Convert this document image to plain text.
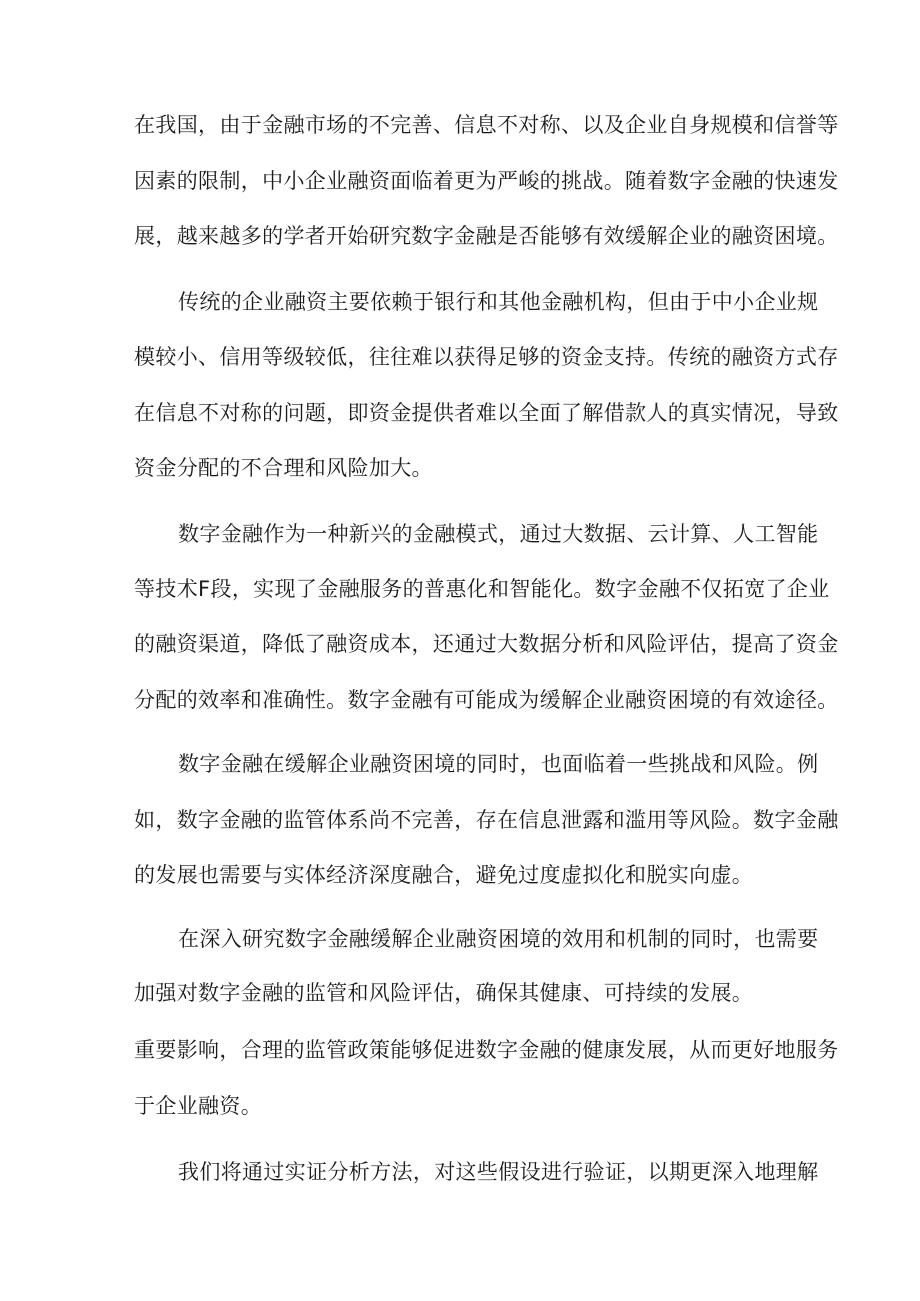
在我国，由于金融市场的不完善、信息不对称、以及企业自身规模和信誉等
因素的限制，中小企业融资面临着更为严峻的挑战。随着数字金融的快速发
展，越来越多的学者开始研究数字金融是否能够有效缓解企业的融资困境。
传统的企业融资主要依赖于银行和其他金融机构，但由于中小企业规
模较小、信用等级较低，往往难以获得足够的资金支持。传统的融资方式存
在信息不对称的问题，即资金提供者难以全面了解借款人的真实情况，导致
资金分配的不合理和风险加大。
数字金融作为一种新兴的金融模式，通过大数据、云计算、人工智能
等技术F段，实现了金融服务的普惠化和智能化。数字金融不仅拓宽了企业
的融资渠道，降低了融资成本，还通过大数据分析和风险评估，提高了资金
分配的效率和准确性。数字金融有可能成为缓解企业融资困境的有效途径。
数字金融在缓解企业融资困境的同时，也面临着一些挑战和风险。例
如，数字金融的监管体系尚不完善，存在信息泄露和滥用等风险。数字金融
的发展也需要与实体经济深度融合，避免过度虚拟化和脱实向虚。
在深入研究数字金融缓解企业融资困境的效用和机制的同时，也需要
加强对数字金融的监管和风险评估，确保其健康、可持续的发展。
重要影响，合理的监管政策能够促进数字金融的健康发展，从而更好地服务
于企业融资。
我们将通过实证分析方法，对这些假设进行验证，以期更深入地理解
